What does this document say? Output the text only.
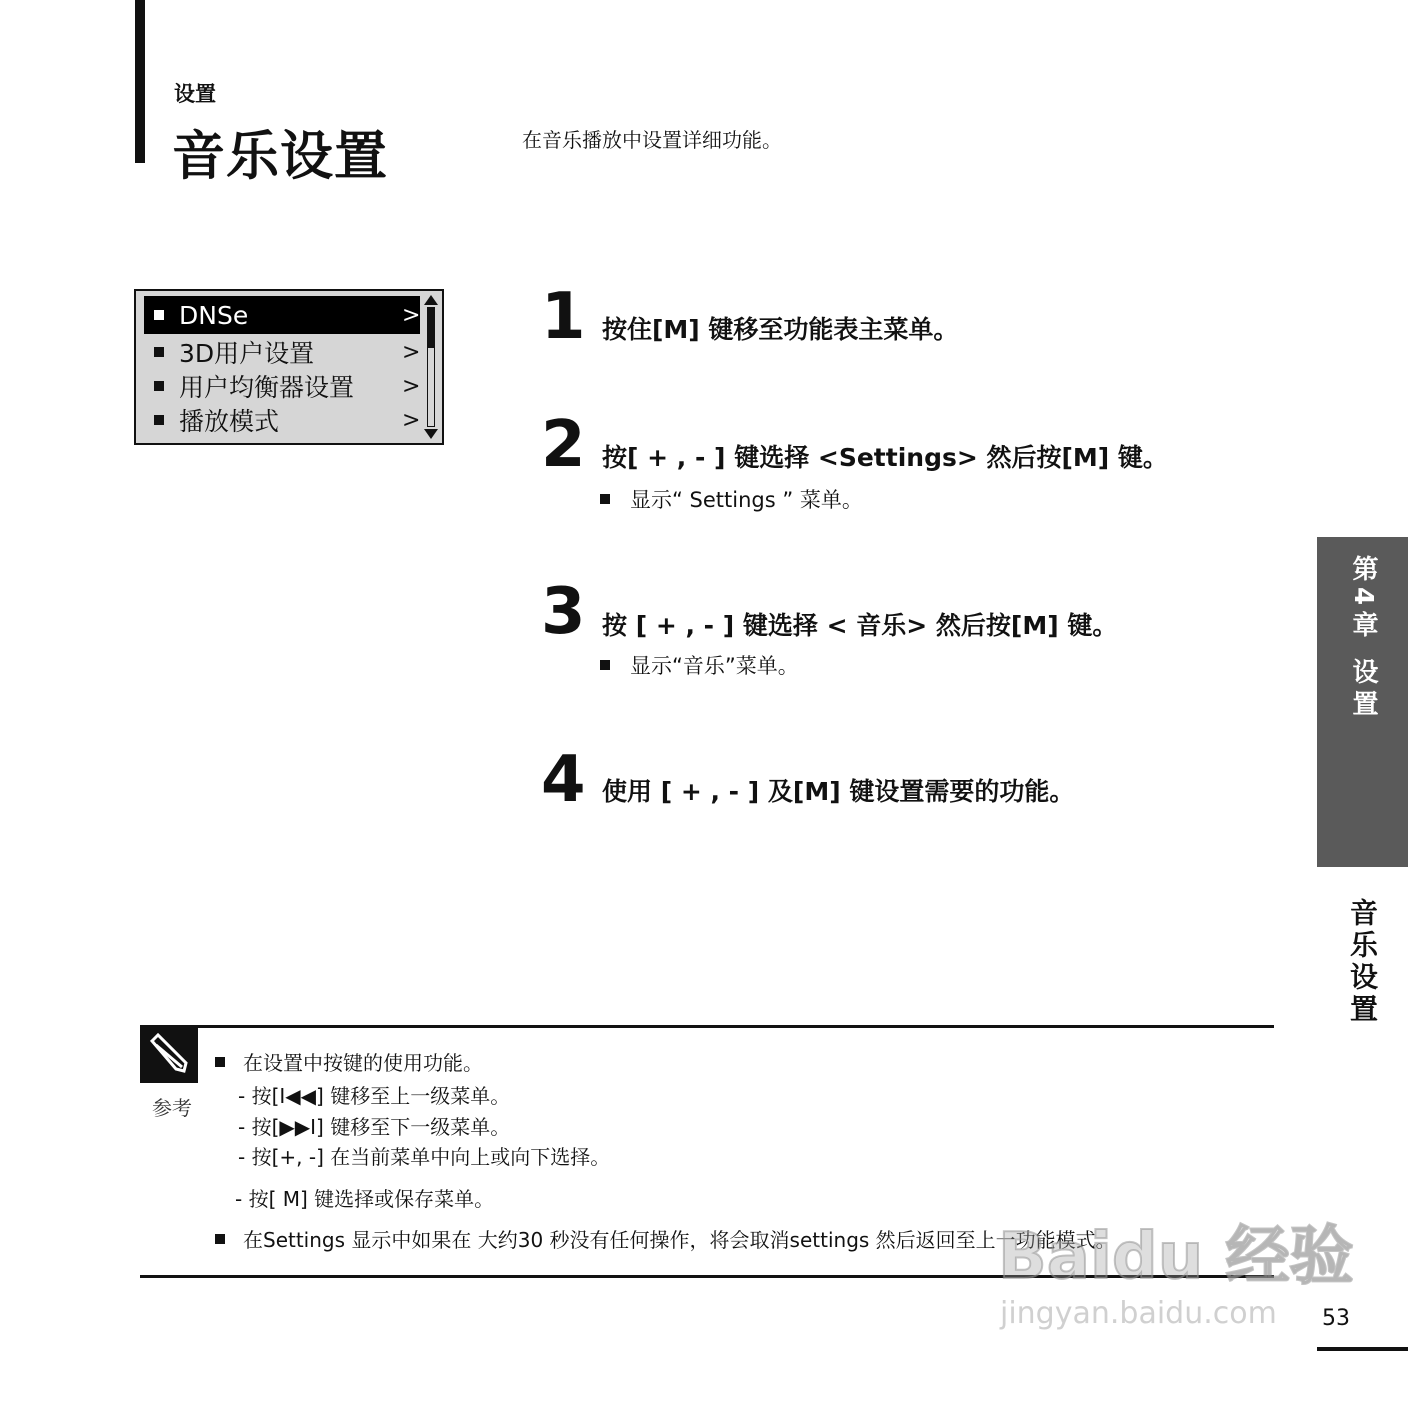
设置
音乐设置	在音乐播放中设置详细功能。
DNSe	>
3D用户设置	>
用户均衡器设置	>
播放模式	>
1 按住[M] 键移至功能表主菜单。
2 按[ + , - ] 键选择 <Settings> 然后按[M] 键。
显示“ Settings ” 菜单。
3 按 [ + , - ] 键选择 < 音乐> 然后按[M] 键。
显示“音乐”菜单。
4 使用 [ + , - ] 及[M] 键设置需要的功能。
第4章 设置
音乐设置
参考
在设置中按键的使用功能。
- 按[I◀◀] 键移至上一级菜单。
- 按[▶▶I] 键移至下一级菜单。
- 按[+, -] 在当前菜单中向上或向下选择。
- 按[ M] 键选择或保存菜单。
在Settings 显示中如果在 大约30 秒没有任何操作，将会取消settings 然后返回至上一功能模式。
Baidu 经验
jingyan.baidu.com 53
